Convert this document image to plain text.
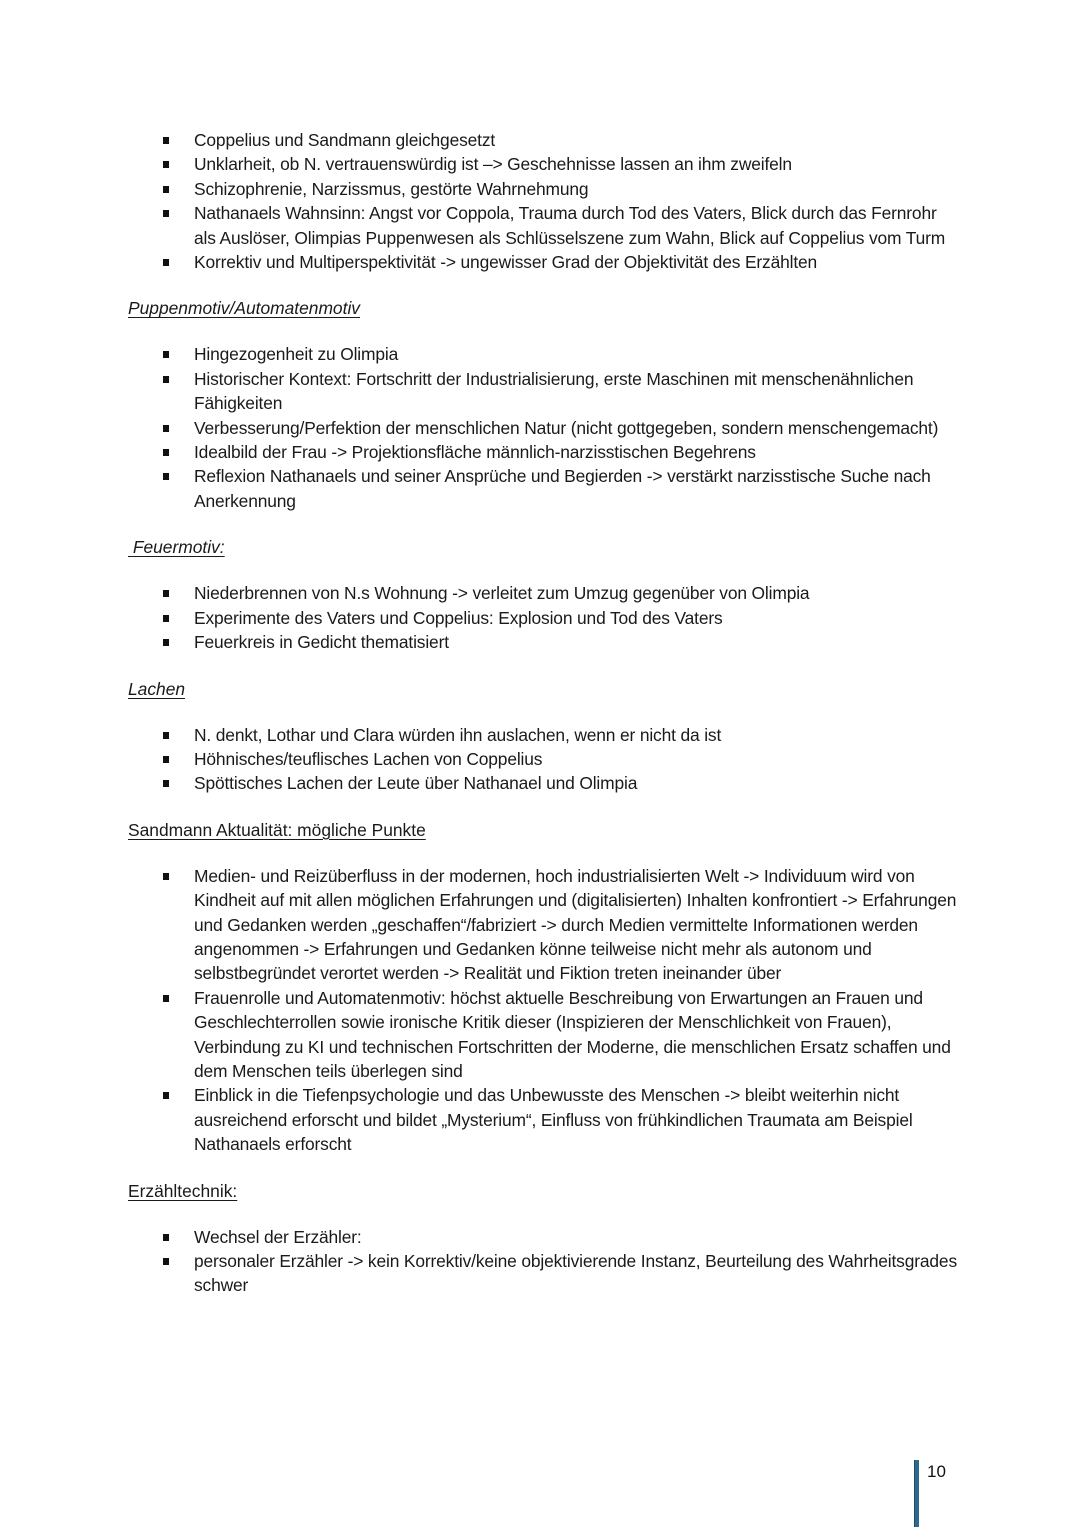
Coppelius und Sandmann gleichgesetzt
Unklarheit, ob N. vertrauenswürdig ist –> Geschehnisse lassen an ihm zweifeln
Schizophrenie, Narzissmus, gestörte Wahrnehmung
Nathanaels Wahnsinn: Angst vor Coppola, Trauma durch Tod des Vaters, Blick durch das Fernrohr als Auslöser, Olimpias Puppenwesen als Schlüsselszene zum Wahn, Blick auf Coppelius vom Turm
Korrektiv und Multiperspektivität -> ungewisser Grad der Objektivität des Erzählten

Puppenmotiv/Automatenmotiv

Hingezogenheit zu Olimpia
Historischer Kontext: Fortschritt der Industrialisierung, erste Maschinen mit menschenähnlichen Fähigkeiten
Verbesserung/Perfektion der menschlichen Natur (nicht gottgegeben, sondern menschengemacht)
Idealbild der Frau -> Projektionsfläche männlich-narzisstischen Begehrens
Reflexion Nathanaels und seiner Ansprüche und Begierden -> verstärkt narzisstische Suche nach Anerkennung

Feuermotiv:

Niederbrennen von N.s Wohnung -> verleitet zum Umzug gegenüber von Olimpia
Experimente des Vaters und Coppelius: Explosion und Tod des Vaters
Feuerkreis in Gedicht thematisiert

Lachen

N. denkt, Lothar und Clara würden ihn auslachen, wenn er nicht da ist
Höhnisches/teuflisches Lachen von Coppelius
Spöttisches Lachen der Leute über Nathanael und Olimpia

Sandmann Aktualität: mögliche Punkte

Medien- und Reizüberfluss in der modernen, hoch industrialisierten Welt -> Individuum wird von Kindheit auf mit allen möglichen Erfahrungen und (digitalisierten) Inhalten konfrontiert -> Erfahrungen und Gedanken werden „geschaffen“/fabriziert -> durch Medien vermittelte Informationen werden angenommen -> Erfahrungen und Gedanken könne teilweise nicht mehr als autonom und selbstbegründet verortet werden -> Realität und Fiktion treten ineinander über
Frauenrolle und Automatenmotiv: höchst aktuelle Beschreibung von Erwartungen an Frauen und Geschlechterrollen sowie ironische Kritik dieser (Inspizieren der Menschlichkeit von Frauen), Verbindung zu KI und technischen Fortschritten der Moderne, die menschlichen Ersatz schaffen und dem Menschen teils überlegen sind
Einblick in die Tiefenpsychologie und das Unbewusste des Menschen -> bleibt weiterhin nicht ausreichend erforscht und bildet „Mysterium“, Einfluss von frühkindlichen Traumata am Beispiel Nathanaels erforscht

Erzähltechnik:

Wechsel der Erzähler:
personaler Erzähler -> kein Korrektiv/keine objektivierende Instanz, Beurteilung des Wahrheitsgrades schwer
10
